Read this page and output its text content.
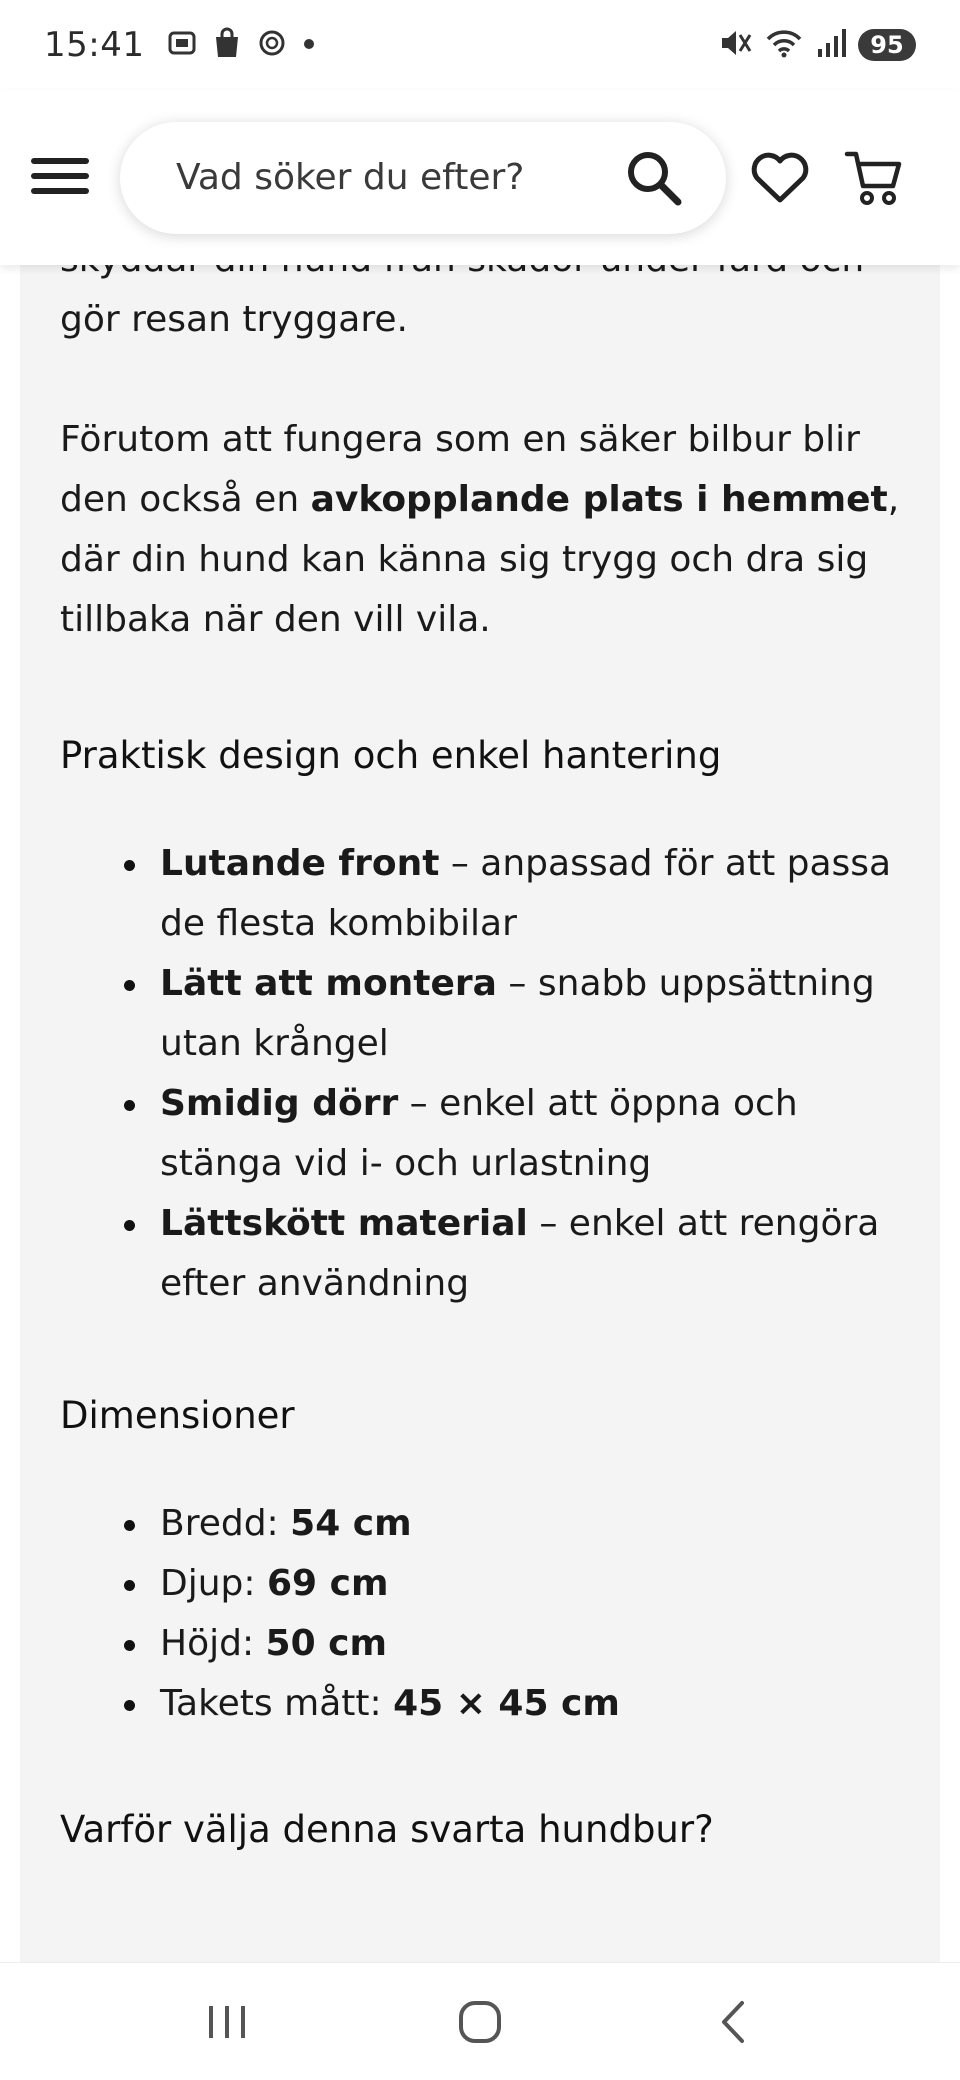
15:41	95
Vad söker du efter?

gör resan tryggare.

Förutom att fungera som en säker bilbur blir den också en avkopplande plats i hemmet, där din hund kan känna sig trygg och dra sig tillbaka när den vill vila.

Praktisk design och enkel hantering
Lutande front – anpassad för att passa de flesta kombibilar
Lätt att montera – snabb uppsättning utan krångel
Smidig dörr – enkel att öppna och stänga vid i- och urlastning
Lättskött material – enkel att rengöra efter användning
Dimensioner
Bredd: 54 cm
Djup: 69 cm
Höjd: 50 cm
Takets mått: 45 × 45 cm
Varför välja denna svarta hundbur?
